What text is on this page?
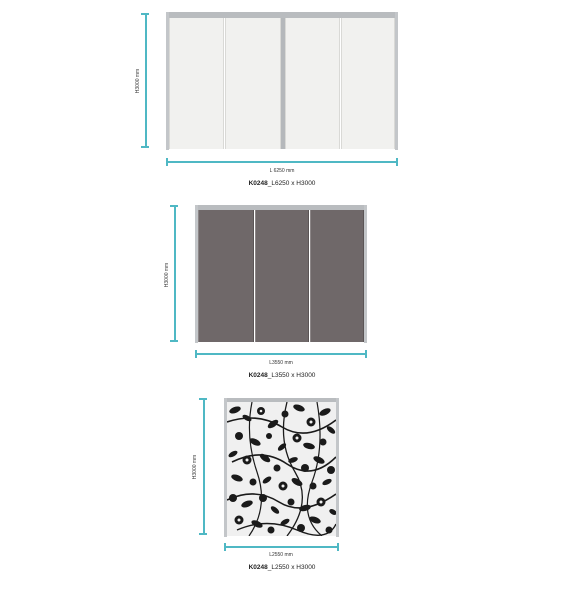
H3000 mm
L 6250 mm
K0248_L6250 x H3000
H3000 mm
L3550 mm
K0248_L3550 x H3000
H3000 mm
L2550 mm
K0248_L2550 x H3000
